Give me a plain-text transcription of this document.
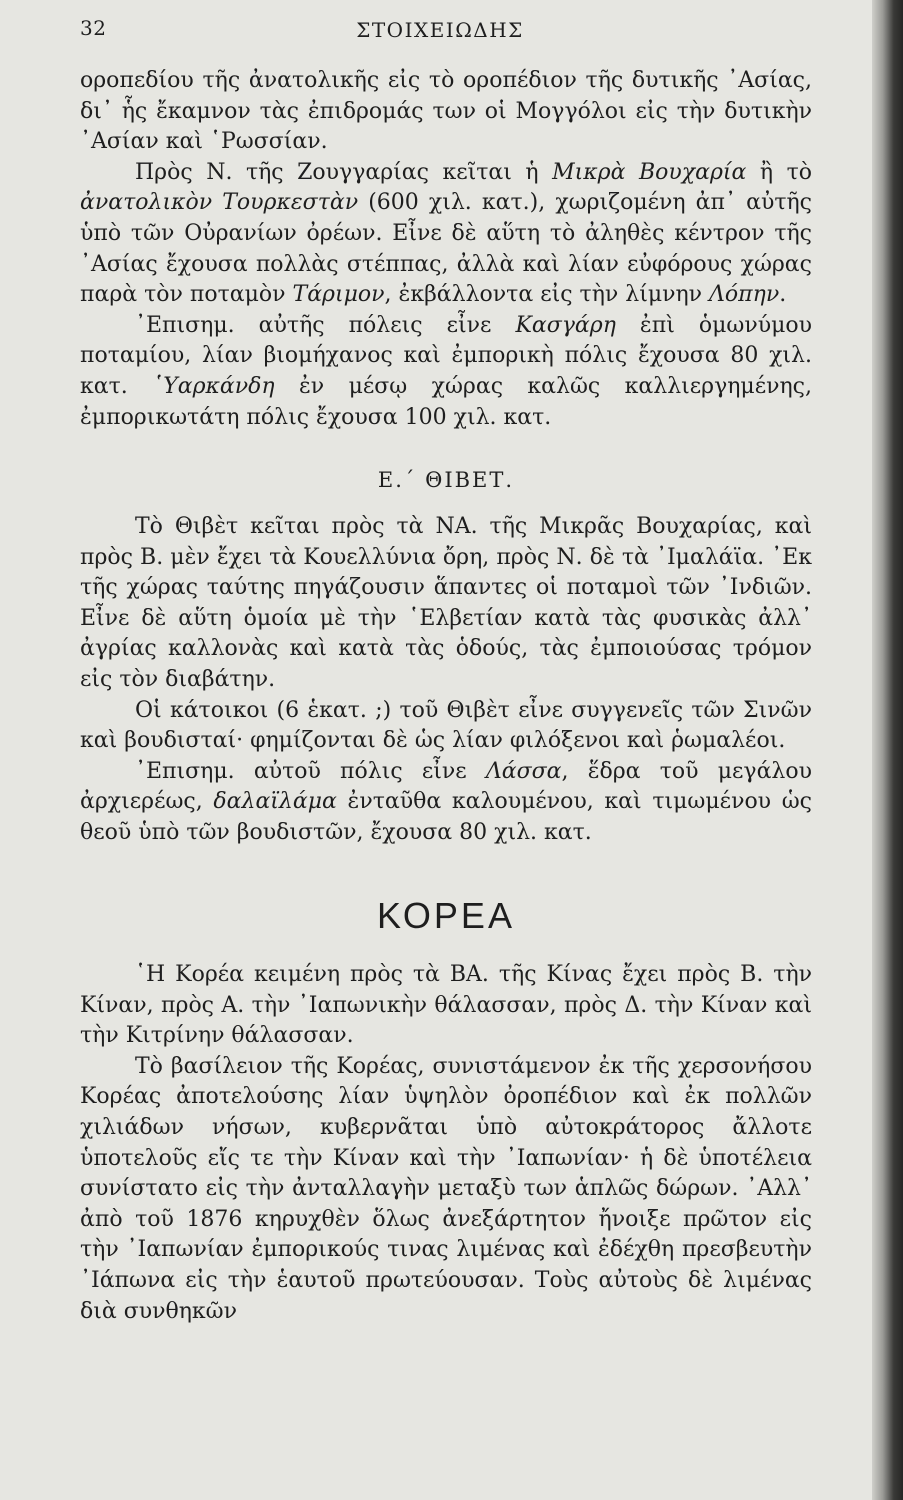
32	ΣΤΟΙΧΕΙΩΔΗΣ

οροπεδίου τῆς ἀνατολικῆς εἰς τὸ οροπέδιον τῆς δυτικῆς ᾿Ασίας, δι᾿ ἧς ἔκαμνον τὰς ἐπιδρομάς των οἱ Μογγόλοι εἰς τὴν δυτικὴν ᾿Ασίαν καὶ ῾Ρωσσίαν.

Πρὸς Ν. τῆς Ζουγγαρίας κεῖται ἡ Μικρὰ Βουχαρία ἢ τὸ ἀνατολικὸν Τουρκεστὰν (600 χιλ. κατ.), χωριζομένη ἀπ᾿ αὐτῆς ὑπὸ τῶν Οὐρανίων ὀρέων. Εἶνε δὲ αὕτη τὸ ἀληθὲς κέντρον τῆς ᾿Ασίας ἔχουσα πολλὰς στέππας, ἀλλὰ καὶ λίαν εὐφόρους χώρας παρὰ τὸν ποταμὸν Τάριμον, ἐκβάλλοντα εἰς τὴν λίμνην Λόπην.

᾿Επισημ. αὐτῆς πόλεις εἶνε Κασγάρη ἐπὶ ὁμωνύμου ποταμίου, λίαν βιομήχανος καὶ ἐμπορικὴ πόλις ἔχουσα 80 χιλ. κατ. ῾Υαρκάνδη ἐν μέσῳ χώρας καλῶς καλλιεργημένης, ἐμπορικωτάτη πόλις ἔχουσα 100 χιλ. κατ.

Ε.΄ ΘΙΒΕΤ.

Τὸ Θιβὲτ κεῖται πρὸς τὰ ΝΑ. τῆς Μικρᾶς Βουχαρίας, καὶ πρὸς Β. μὲν ἔχει τὰ Κουελλύνια ὄρη, πρὸς Ν. δὲ τὰ ᾿Ιμαλάϊα. ᾿Εκ τῆς χώρας ταύτης πηγάζουσιν ἅπαντες οἱ ποταμοὶ τῶν ᾿Ινδιῶν. Εἶνε δὲ αὕτη ὁμοία μὲ τὴν ῾Ελβετίαν κατὰ τὰς φυσικὰς ἀλλ᾿ ἀγρίας καλλονὰς καὶ κατὰ τὰς ὁδούς, τὰς ἐμποιούσας τρόμον εἰς τὸν διαβάτην.

Οἱ κάτοικοι (6 ἑκατ. ;) τοῦ Θιβὲτ εἶνε συγγενεῖς τῶν Σινῶν καὶ βουδισταί· φημίζονται δὲ ὡς λίαν φιλόξενοι καὶ ῥωμαλέοι.

᾿Επισημ. αὐτοῦ πόλις εἶνε Λάσσα, ἕδρα τοῦ μεγάλου ἀρχιερέως, δαλαϊλάμα ἐνταῦθα καλουμένου, καὶ τιμωμένου ὡς θεοῦ ὑπὸ τῶν βουδιστῶν, ἔχουσα 80 χιλ. κατ.

ΚΟΡΕΑ

῾Η Κορέα κειμένη πρὸς τὰ ΒΑ. τῆς Κίνας ἔχει πρὸς Β. τὴν Κίναν, πρὸς Α. τὴν ᾿Ιαπωνικὴν θάλασσαν, πρὸς Δ. τὴν Κίναν καὶ τὴν Κιτρίνην θάλασσαν.

Τὸ βασίλειον τῆς Κορέας, συνιστάμενον ἐκ τῆς χερσονήσου Κορέας ἀποτελούσης λίαν ὑψηλὸν ὀροπέδιον καὶ ἐκ πολλῶν χιλιάδων νήσων, κυβερνᾶται ὑπὸ αὐτοκράτορος ἄλλοτε ὑποτελοῦς εἴς τε τὴν Κίναν καὶ τὴν ᾿Ιαπωνίαν· ἡ δὲ ὑποτέλεια συνίστατο εἰς τὴν ἀνταλλαγὴν μεταξὺ των ἁπλῶς δώρων. ᾿Αλλ᾿ ἀπὸ τοῦ 1876 κηρυχθὲν ὅλως ἀνεξάρτητον ἤνοιξε πρῶτον εἰς τὴν ᾿Ιαπωνίαν ἐμπορικούς τινας λιμένας καὶ ἐδέχθη πρεσβευτὴν ᾿Ιάπωνα εἰς τὴν ἑαυτοῦ πρωτεύουσαν. Τοὺς αὐτοὺς δὲ λιμένας διὰ συνθηκῶν
